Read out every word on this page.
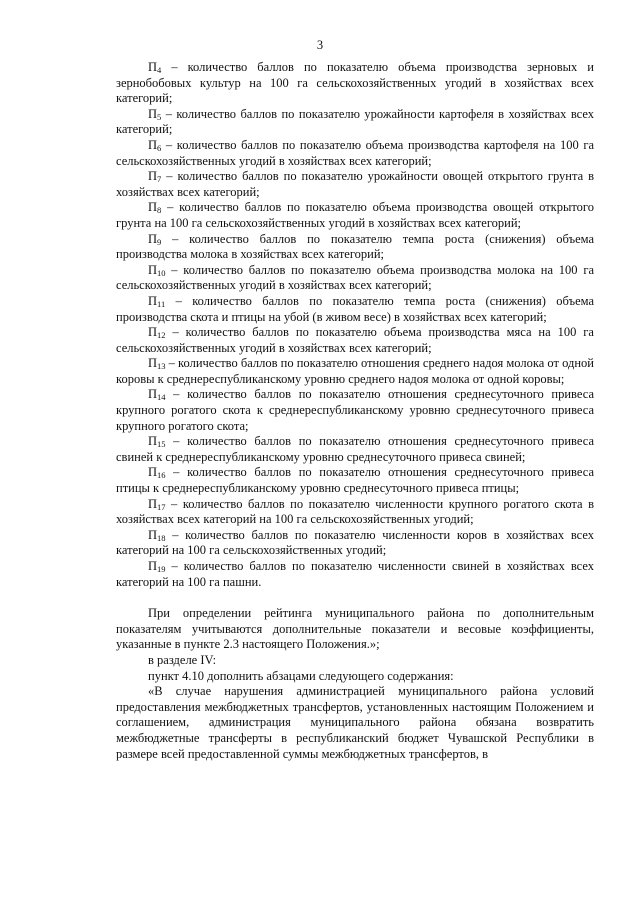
3

$П_4$ – количество баллов по показателю объема производства зерновых и зернобобовых культур на 100 га сельскохозяйственных угодий в хозяйствах всех категорий;

$П_5$ – количество баллов по показателю урожайности картофеля в хозяйствах всех категорий;

$П_6$ – количество баллов по показателю объема производства картофеля на 100 га сельскохозяйственных угодий в хозяйствах всех категорий;

$П_7$ – количество баллов по показателю урожайности овощей открытого грунта в хозяйствах всех категорий;

$П_8$ – количество баллов по показателю объема производства овощей открытого грунта на 100 га сельскохозяйственных угодий в хозяйствах всех категорий;

$П_9$ – количество баллов по показателю темпа роста (снижения) объема производства молока в хозяйствах всех категорий;

$П_{10}$ – количество баллов по показателю объема производства молока на 100 га сельскохозяйственных угодий в хозяйствах всех категорий;

$П_{11}$ – количество баллов по показателю темпа роста (снижения) объема производства скота и птицы на убой (в живом весе) в хозяйствах всех категорий;

$П_{12}$ – количество баллов по показателю объема производства мяса на 100 га сельскохозяйственных угодий в хозяйствах всех категорий;

$П_{13}$ – количество баллов по показателю отношения среднего надоя молока от одной коровы к среднереспубликанскому уровню среднего надоя молока от одной коровы;

$П_{14}$ – количество баллов по показателю отношения среднесуточного привеса крупного рогатого скота к среднереспубликанскому уровню среднесуточного привеса крупного рогатого скота;

$П_{15}$ – количество баллов по показателю отношения среднесуточного привеса свиней к среднереспубликанскому уровню среднесуточного привеса свиней;

$П_{16}$ – количество баллов по показателю отношения среднесуточного привеса птицы к среднереспубликанскому уровню среднесуточного привеса птицы;

$П_{17}$ – количество баллов по показателю численности крупного рогатого скота в хозяйствах всех категорий на 100 га сельскохозяйственных угодий;

$П_{18}$ – количество баллов по показателю численности коров в хозяйствах всех категорий на 100 га сельскохозяйственных угодий;

$П_{19}$ – количество баллов по показателю численности свиней в хозяйствах всех категорий на 100 га пашни.

При определении рейтинга муниципального района по дополнительным показателям учитываются дополнительные показатели и весовые коэффициенты, указанные в пункте 2.3 настоящего Положения.»;

в разделе IV:

пункт 4.10 дополнить абзацами следующего содержания:

«В случае нарушения администрацией муниципального района условий предоставления межбюджетных трансфертов, установленных настоящим Положением и соглашением, администрация муниципального района обязана возвратить межбюджетные трансферты в республиканский бюджет Чувашской Республики в размере всей предоставленной суммы межбюджетных трансфертов, в
